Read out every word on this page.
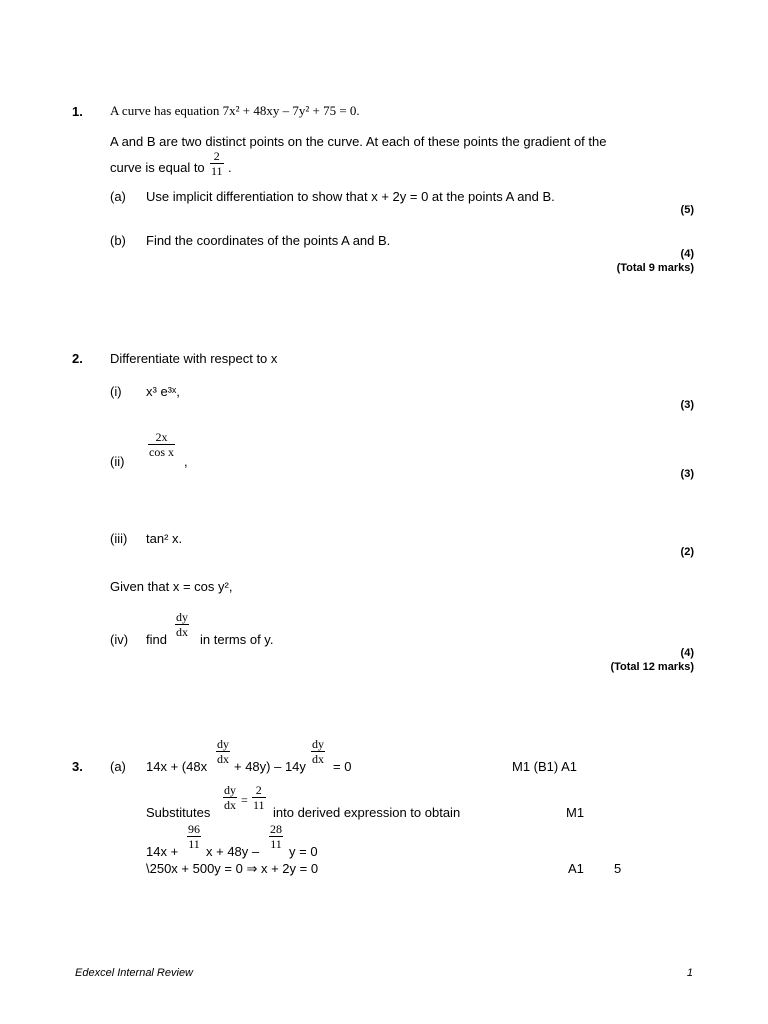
1. A curve has equation 7x² + 48xy – 7y² + 75 = 0.
A and B are two distinct points on the curve. At each of these points the gradient of the
curve is equal to $\frac{2}{11}$ .
(a) Use implicit differentiation to show that x + 2y = 0 at the points A and B.
(5)
(b) Find the coordinates of the points A and B.
(4)
(Total 9 marks)
2. Differentiate with respect to x
(i) x³ e³ˣ,
(3)
(ii)
$\frac{2x}{\text{cos x}}$
,
(3)
(iii) tan² x.
(2)
Given that x = cos y²,
(iv) find
$\frac{dy}{dx}$
in terms of y.
(4)
(Total 12 marks)
3. (a) 14x + (48x
$\frac{dy}{dx}$
+ 48y) – 14y
$\frac{dy}{dx}$
= 0	M1 (B1) A1
Substitutes
$\frac{dy}{dx} = \frac{2}{11}$
into derived expression to obtain	M1
14x +
$\frac{96}{11}$
x + 48y –
$\frac{28}{11}$
y = 0
\250x + 500y = 0 ⇒ x + 2y = 0	A1 5
Edexcel Internal Review	1
